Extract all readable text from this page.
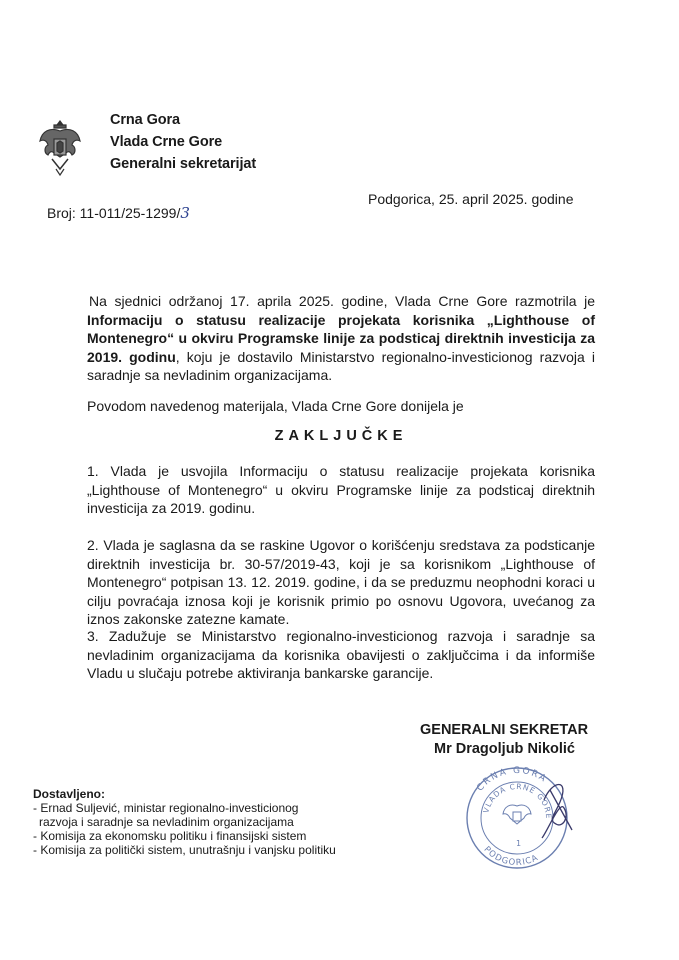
Crna Gora
Vlada Crne Gore
Generalni sekretarijat
Broj: 11-011/25-1299/3
Podgorica, 25. april 2025. godine
Na sjednici održanoj 17. aprila 2025. godine, Vlada Crne Gore razmotrila je Informaciju o statusu realizacije projekata korisnika „Lighthouse of Montenegro“ u okviru Programske linije za podsticaj direktnih investicija za 2019. godinu, koju je dostavilo Ministarstvo regionalno-investicionog razvoja i saradnje sa nevladinim organizacijama.
Povodom navedenog materijala, Vlada Crne Gore donijela je
ZAKLJUČKE
1. Vlada je usvojila Informaciju o statusu realizacije projekata korisnika „Lighthouse of Montenegro“ u okviru Programske linije za podsticaj direktnih investicija za 2019. godinu.
2. Vlada je saglasna da se raskine Ugovor o korišćenju sredstava za podsticanje direktnih investicija br. 30-57/2019-43, koji je sa korisnikom „Lighthouse of Montenegro“ potpisan 13. 12. 2019. godine, i da se preduzmu neophodni koraci u cilju povraćaja iznosa koji je korisnik primio po osnovu Ugovora, uvećanog za iznos zakonske zatezne kamate.
3. Zadužuje se Ministarstvo regionalno-investicionog razvoja i saradnje sa nevladinim organizacijama da korisnika obavijesti o zaključcima i da informiše Vladu u slučaju potrebe aktiviranja bankarske garancije.
GENERALNI SEKRETAR
Mr Dragoljub Nikolić
CRNA GORA
VLADA CRNE GORE
PODGORICA
1
Dostavljeno:
- Ernad Suljević, ministar regionalno-investicionog
razvoja i saradnje sa nevladinim organizacijama
- Komisija za ekonomsku politiku i finansijski sistem
- Komisija za politički sistem, unutrašnju i vanjsku politiku
